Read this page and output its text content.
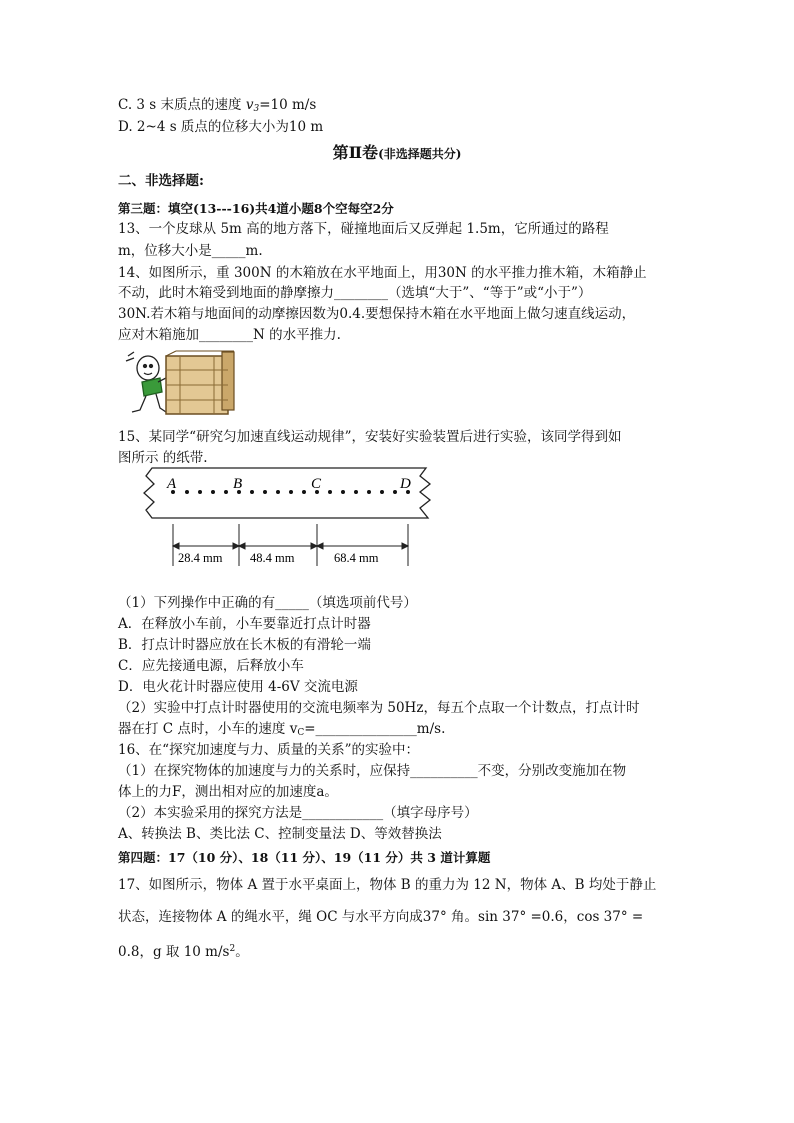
C. 3 s 末质点的速度 $v_3=10$ m/s
D. 2~4 s 质点的位移大小为10 m
第Ⅱ卷(非选择题共分)
二、非选择题:
第三题：填空(13---16)共4道小题8个空每空2分
13、一个皮球从 5m 高的地方落下，碰撞地面后又反弹起 1.5m，它所通过的路程
m，位移大小是_____m.
14、如图所示，重 300N 的木箱放在水平地面上，用30N 的水平推力推木箱，木箱静止
不动，此时木箱受到地面的静摩擦力________（选填“大于”、“等于”或“小于”）
30N.若木箱与地面间的动摩擦因数为0.4.要想保持木箱在水平地面上做匀速直线运动，
应对木箱施加________N 的水平推力.
15、某同学“研究匀加速直线运动规律”，安装好实验装置后进行实验，该同学得到如
图所示 的纸带.
A	B	C	D
28.4 mm 48.4 mm	68.4 mm
（1）下列操作中正确的有_____（填选项前代号）
A．在释放小车前，小车要靠近打点计时器
B．打点计时器应放在长木板的有滑轮一端
C．应先接通电源，后释放小车
D．电火花计时器应使用 4-6V 交流电源
（2）实验中打点计时器使用的交流电频率为 50Hz，每五个点取一个计数点，打点计时
器在打 C 点时，小车的速度 $v_C=\_\_\_\_\_\_\_\_\_\_\_\_\_\_\_m/s$.
16、在“探究加速度与力、质量的关系”的实验中：
（1）在探究物体的加速度与力的关系时，应保持__________不变，分别改变施加在物
体上的力F，测出相对应的加速度a。
（2）本实验采用的探究方法是____________（填字母序号）
A、转换法 B、类比法 C、控制变量法 D、等效替换法
第四题：17（10 分）、18（11 分）、19（11 分）共 3 道计算题
17、如图所示，物体 A 置于水平桌面上，物体 B 的重力为 12 N，物体 A、B 均处于静止
状态，连接物体 A 的绳水平，绳 OC 与水平方向成37° 角。sin 37° =0.6，cos 37° =
0.8，g 取 10 $m/s^2$。
